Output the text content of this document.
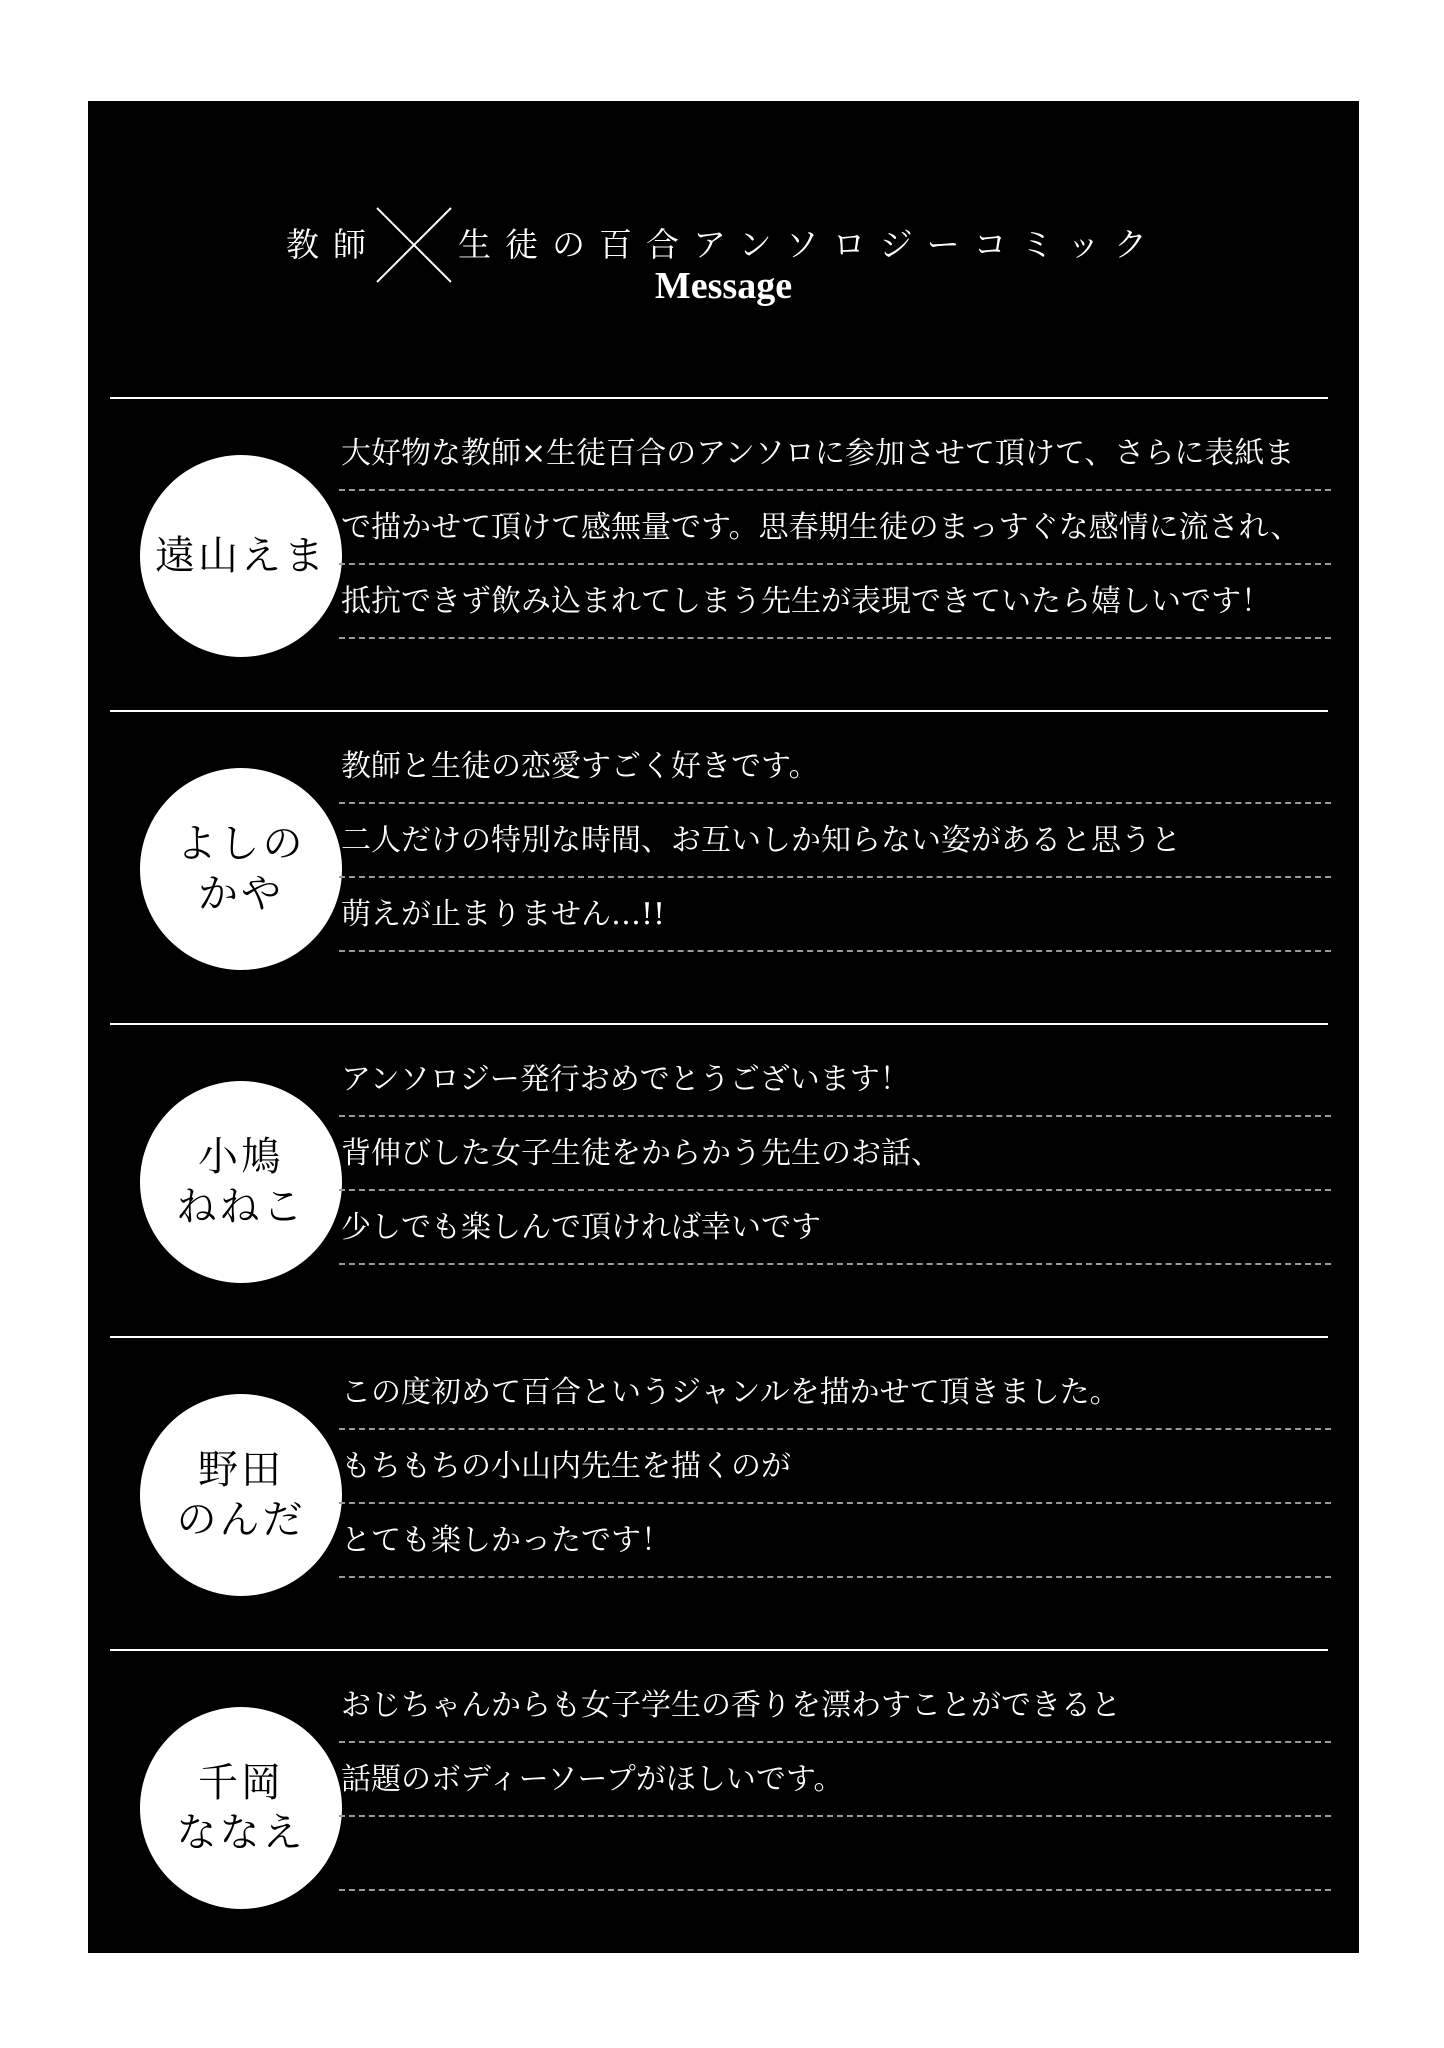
教師 生徒の百合アンソロジーコミック
Message
遠山えま
大好物な教師×生徒百合のアンソロに参加させて頂けて、さらに表紙ま
で描かせて頂けて感無量です。思春期生徒のまっすぐな感情に流され、
抵抗できず飲み込まれてしまう先生が表現できていたら嬉しいです！
よしの
かや
教師と生徒の恋愛すごく好きです。
二人だけの特別な時間、お互いしか知らない姿があると思うと
萌えが止まりません…!!
小鳩
ねねこ
アンソロジー発行おめでとうございます！
背伸びした女子生徒をからかう先生のお話、
少しでも楽しんで頂ければ幸いです
野田
のんだ
この度初めて百合というジャンルを描かせて頂きました。
もちもちの小山内先生を描くのが
とても楽しかったです！
千岡
ななえ
おじちゃんからも女子学生の香りを漂わすことができると
話題のボディーソープがほしいです。
